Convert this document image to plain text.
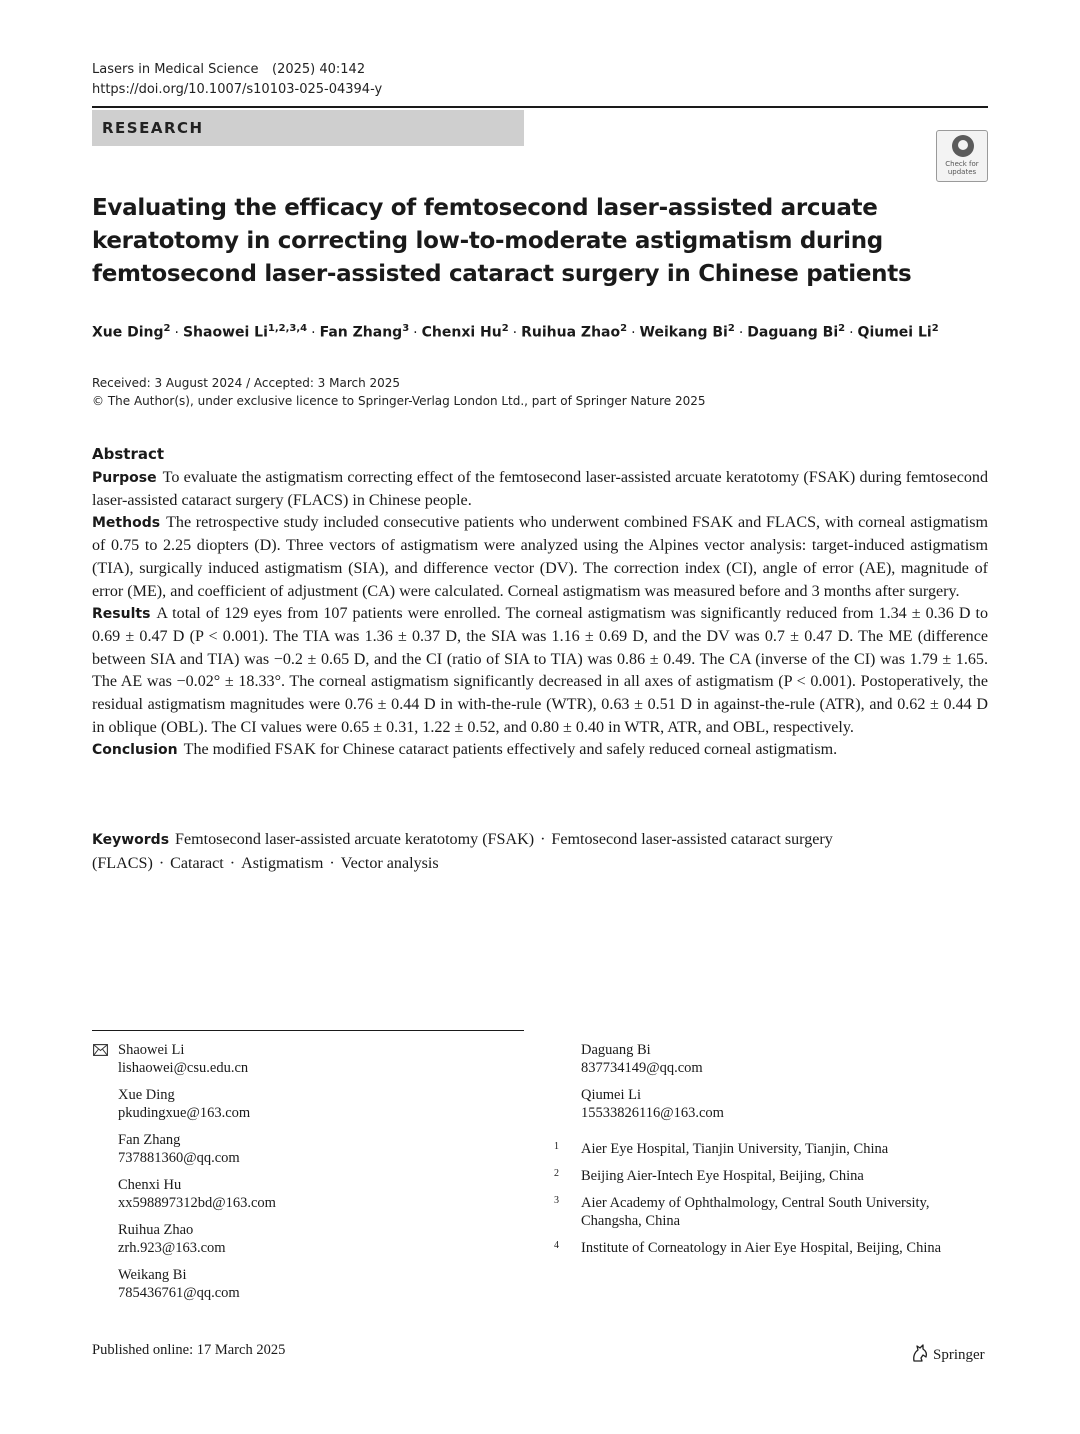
Lasers in Medical Science (2025) 40:142
https://doi.org/10.1007/s10103-025-04394-y
RESEARCH
Check for updates
Evaluating the efficacy of femtosecond laser-assisted arcuate keratotomy in correcting low-to-moderate astigmatism during femtosecond laser-assisted cataract surgery in Chinese patients
Xue Ding$^2$ · Shaowei Li$^{1,2,3,4}$ · Fan Zhang$^3$ · Chenxi $Hu^2$ · Ruihua Zhao$^2$ · Weikang $Bi^2$ · Daguang $Bi^2$ · Qiumei Li$^2$
Received: 3 August 2024 / Accepted: 3 March 2025
© The Author(s), under exclusive licence to Springer-Verlag London Ltd., part of Springer Nature 2025
Abstract

Purpose To evaluate the astigmatism correcting effect of the femtosecond laser-assisted arcuate keratotomy (FSAK) during femtosecond laser-assisted cataract surgery (FLACS) in Chinese people.

Methods The retrospective study included consecutive patients who underwent combined FSAK and FLACS, with corneal astigmatism of 0.75 to 2.25 diopters (D). Three vectors of astigmatism were analyzed using the Alpines vector analysis: target-induced astigmatism (TIA), surgically induced astigmatism (SIA), and difference vector (DV). The correction index (CI), angle of error (AE), magnitude of error (ME), and coefficient of adjustment (CA) were calculated. Corneal astigmatism was measured before and 3 months after surgery.

Results A total of 129 eyes from 107 patients were enrolled. The corneal astigmatism was significantly reduced from 1.34 ± 0.36 D to 0.69 ± 0.47 D (P < 0.001). The TIA was 1.36 ± 0.37 D, the SIA was 1.16 ± 0.69 D, and the DV was 0.7 ± 0.47 D. The ME (difference between SIA and TIA) was −0.2 ± 0.65 D, and the CI (ratio of SIA to TIA) was 0.86 ± 0.49. The CA (inverse of the CI) was 1.79 ± 1.65. The AE was −0.02° ± 18.33°. The corneal astigmatism significantly decreased in all axes of astigmatism (P < 0.001). Postoperatively, the residual astigmatism magnitudes were 0.76 ± 0.44 D in with-the-rule (WTR), 0.63 ± 0.51 D in against-the-rule (ATR), and 0.62 ± 0.44 D in oblique (OBL). The CI values were 0.65 ± 0.31, 1.22 ± 0.52, and 0.80 ± 0.40 in WTR, ATR, and OBL, respectively.

Conclusion The modified FSAK for Chinese cataract patients effectively and safely reduced corneal astigmatism.

Keywords Femtosecond laser-assisted arcuate keratotomy (FSAK) · Femtosecond laser-assisted cataract surgery (FLACS) · Cataract · Astigmatism · Vector analysis
Shaowei Li
lishaowei@csu.edu.cn
Xue Ding
pkudingxue@163.com
Fan Zhang
737881360@qq.com
Chenxi Hu
xx598897312bd@163.com
Ruihua Zhao
zrh.923@163.com
Weikang Bi
785436761@qq.com
Daguang Bi
837734149@qq.com
Qiumei Li
15533826116@163.com
1 Aier Eye Hospital, Tianjin University, Tianjin, China
2 Beijing Aier-Intech Eye Hospital, Beijing, China
3 Aier Academy of Ophthalmology, Central South University, Changsha, China
4 Institute of Corneatology in Aier Eye Hospital, Beijing, China
Published online: 17 March 2025	Springer
